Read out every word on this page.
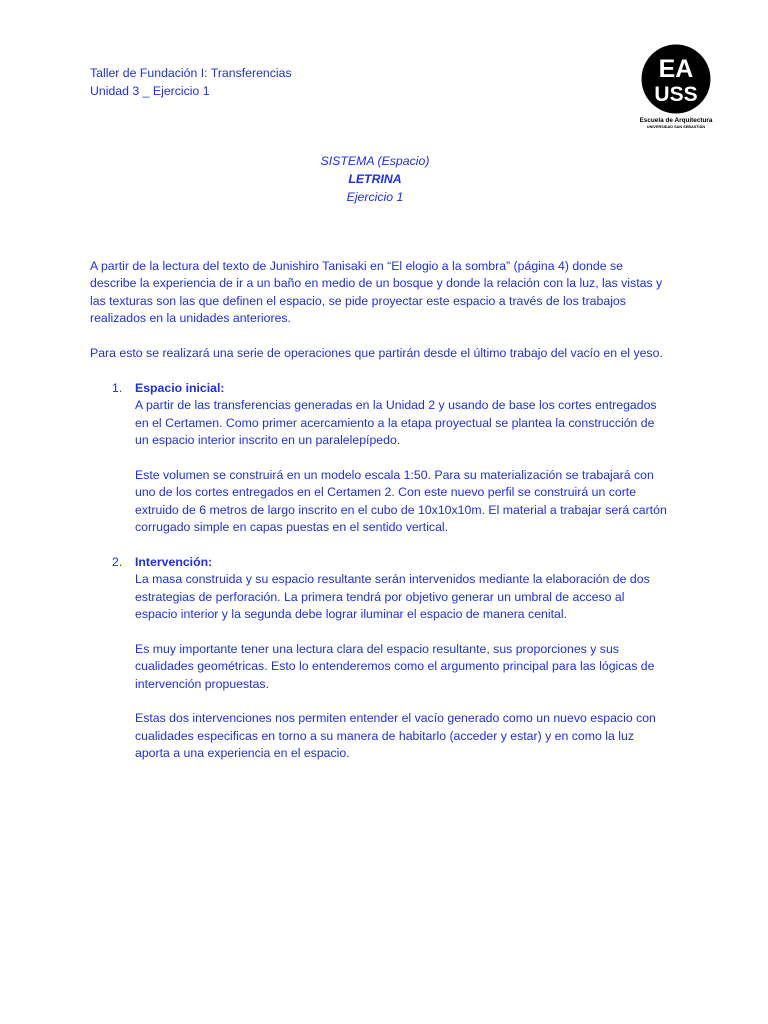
Taller de Fundación I: Transferencias
Unidad 3 _ Ejercicio 1
EA
USS
Escuela de Arquitectura
UNIVERSIDAD SAN SEBASTIÁN
SISTEMA (Espacio)
LETRINA
Ejercicio 1

A partir de la lectura del texto de Junishiro Tanisaki en “El elogio a la sombra” (página 4) donde se describe la experiencia de ir a un baño en medio de un bosque y donde la relación con la luz, las vistas y las texturas son las que definen el espacio, se pide proyectar este espacio a través de los trabajos realizados en la unidades anteriores.

Para esto se realizará una serie de operaciones que partirán desde el último trabajo del vacío en el yeso.

1. Espacio inicial:

A partir de las transferencias generadas en la Unidad 2 y usando de base los cortes entregados en el Certamen. Como primer acercamiento a la etapa proyectual se plantea la construcción de un espacio interior inscrito en un paralelepípedo.

Este volumen se construirá en un modelo escala 1:50. Para su materialización se trabajará con uno de los cortes entregados en el Certamen 2. Con este nuevo perfil se construirá un corte extruido de 6 metros de largo inscrito en el cubo de 10x10x10m. El material a trabajar será cartón corrugado simple en capas puestas en el sentido vertical.

2. Intervención:

La masa construida y su espacio resultante serán intervenidos mediante la elaboración de dos estrategias de perforación. La primera tendrá por objetivo generar un umbral de acceso al espacio interior y la segunda debe lograr iluminar el espacio de manera cenital.

Es muy importante tener una lectura clara del espacio resultante, sus proporciones y sus cualidades geométricas. Esto lo entenderemos como el argumento principal para las lógicas de intervención propuestas.

Estas dos intervenciones nos permiten entender el vacío generado como un nuevo espacio con cualidades especificas en torno a su manera de habitarlo (acceder y estar) y en como la luz aporta a una experiencia en el espacio.
